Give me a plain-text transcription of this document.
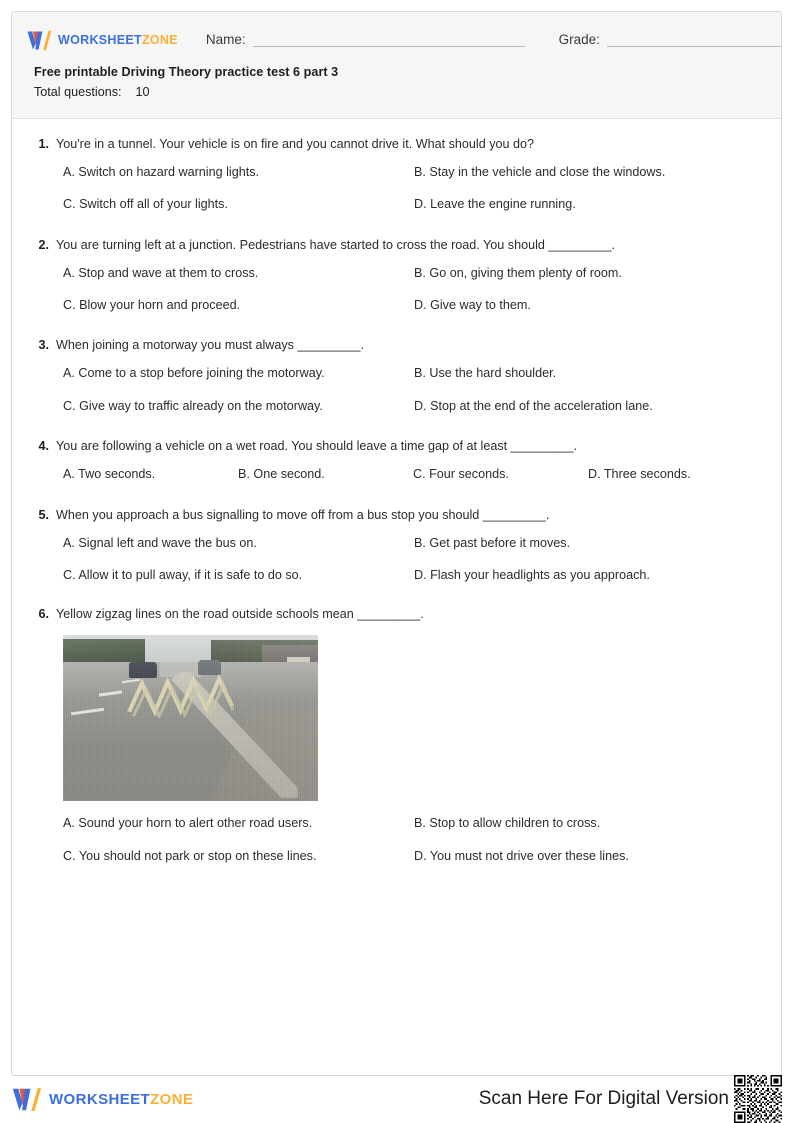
WORKSHEETZONE Name:	Grade:
Free printable Driving Theory practice test 6 part 3
Total questions: 10
1. You're in a tunnel. Your vehicle is on fire and you cannot drive it. What should you do?
A. Switch on hazard warning lights.	B. Stay in the vehicle and close the windows.
C. Switch off all of your lights.	D. Leave the engine running.
2. You are turning left at a junction. Pedestrians have started to cross the road. You should _________.
A. Stop and wave at them to cross.	B. Go on, giving them plenty of room.
C. Blow your horn and proceed.	D. Give way to them.
3. When joining a motorway you must always _________.
A. Come to a stop before joining the motorway.	B. Use the hard shoulder.
C. Give way to traffic already on the motorway.	D. Stop at the end of the acceleration lane.
4. You are following a vehicle on a wet road. You should leave a time gap of at least _________.
A. Two seconds.	B. One second.	C. Four seconds.	D. Three seconds.
5. When you approach a bus signalling to move off from a bus stop you should _________.
A. Signal left and wave the bus on.	B. Get past before it moves.
C. Allow it to pull away, if it is safe to do so.	D. Flash your headlights as you approach.
6. Yellow zigzag lines on the road outside schools mean _________.
A. Sound your horn to alert other road users.	B. Stop to allow children to cross.
C. You should not park or stop on these lines.	D. You must not drive over these lines.
WORKSHEETZONE	Scan Here For Digital Version
